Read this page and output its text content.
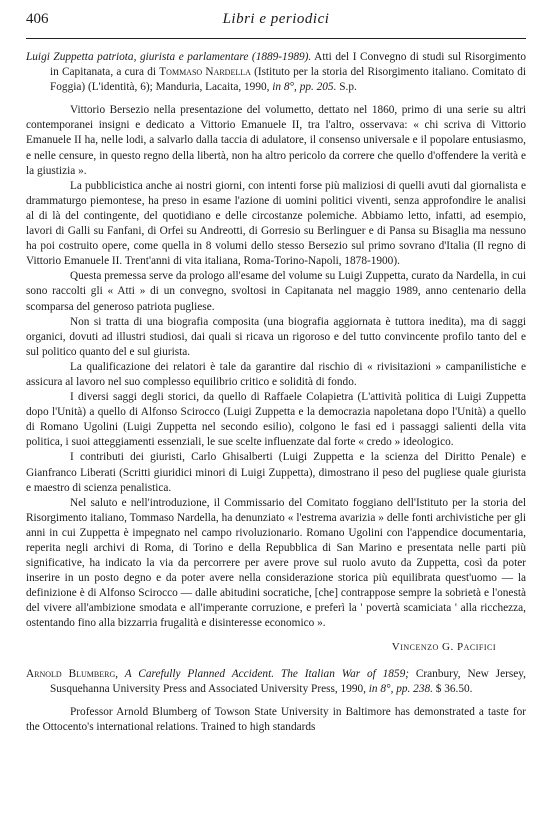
406	Libri e periodici
Luigi Zuppetta patriota, giurista e parlamentare (1889-1989). Atti del I Convegno di studi sul Risorgimento in Capitanata, a cura di Tommaso Nardella (Istituto per la storia del Risorgimento italiano. Comitato di Foggia) (L'identità, 6); Manduria, Lacaita, 1990, in 8°, pp. 205. S.p.

Vittorio Bersezio nella presentazione del volumetto, dettato nel 1860, primo di una serie su altri contemporanei insigni e dedicato a Vittorio Emanuele II, tra l'altro, osservava: « chi scriva di Vittorio Emanuele II ha, nelle lodi, a salvarlo dalla taccia di adulatore, il consenso universale e il popolare entusiasmo, e nelle censure, in questo regno della libertà, non ha altro pericolo da correre che quello d'offendere la verità e la giustizia ».

La pubblicistica anche ai nostri giorni, con intenti forse più maliziosi di quelli avuti dal giornalista e drammaturgo piemontese, ha preso in esame l'azione di uomini politici viventi, senza approfondire le analisi al di là del contingente, del quotidiano e delle circostanze polemiche. Abbiamo letto, infatti, ad esempio, lavori di Galli su Fanfani, di Orfei su Andreotti, di Gorresio su Berlinguer e di Pansa su Bisaglia ma nessuno ha poi costruito opere, come quella in 8 volumi dello stesso Bersezio sul primo sovrano d'Italia (Il regno di Vittorio Emanuele II. Trent'anni di vita italiana, Roma-Torino-Napoli, 1878-1900).

Questa premessa serve da prologo all'esame del volume su Luigi Zuppetta, curato da Nardella, in cui sono raccolti gli « Atti » di un convegno, svoltosi in Capitanata nel maggio 1989, anno centenario della scomparsa del generoso patriota pugliese.

Non si tratta di una biografia composita (una biografia aggiornata è tuttora inedita), ma di saggi organici, dovuti ad illustri studiosi, dai quali si ricava un rigoroso e del tutto convincente profilo tanto del e sul politico quanto del e sul giurista.

La qualificazione dei relatori è tale da garantire dal rischio di « rivisitazioni » campanilistiche e assicura al lavoro nel suo complesso equilibrio critico e solidità di fondo.

I diversi saggi degli storici, da quello di Raffaele Colapietra (L'attività politica di Luigi Zuppetta dopo l'Unità) a quello di Alfonso Scirocco (Luigi Zuppetta e la democrazia napoletana dopo l'Unità) a quello di Romano Ugolini (Luigi Zuppetta nel secondo esilio), colgono le fasi ed i passaggi salienti della vita politica, i suoi atteggiamenti essenziali, le sue scelte influenzate dal forte « credo » ideologico.

I contributi dei giuristi, Carlo Ghisalberti (Luigi Zuppetta e la scienza del Diritto Penale) e Gianfranco Liberati (Scritti giuridici minori di Luigi Zuppetta), dimostrano il peso del pugliese quale giurista e maestro di scienza penalistica.

Nel saluto e nell'introduzione, il Commissario del Comitato foggiano dell'Istituto per la storia del Risorgimento italiano, Tommaso Nardella, ha denunziato « l'estrema avarizia » delle fonti archivistiche per gli anni in cui Zuppetta è impegnato nel campo rivoluzionario. Romano Ugolini con l'appendice documentaria, reperita negli archivi di Roma, di Torino e della Repubblica di San Marino e presentata nelle parti più significative, ha indicato la via da percorrere per avere prove sul ruolo avuto da Zuppetta, così da poter inserire in un posto degno e da poter avere nella considerazione storica più equilibrata quest'uomo — la definizione è di Alfonso Scirocco — dalle abitudini socratiche, [che] contrappose sempre la sobrietà e l'onestà del vivere all'ambizione smodata e all'imperante corruzione, e preferì la ' povertà scamiciata ' alla ricchezza, ostentando fino alla bizzarria frugalità e disinteresse economico ».

Vincenzo G. Pacifici
Arnold Blumberg, A Carefully Planned Accident. The Italian War of 1859; Cranbury, New Jersey, Susquehanna University Press and Associated University Press, 1990, in 8°, pp. 238. $ 36.50.

Professor Arnold Blumberg of Towson State University in Baltimore has demonstrated a taste for the Ottocento's international relations. Trained to high standards
